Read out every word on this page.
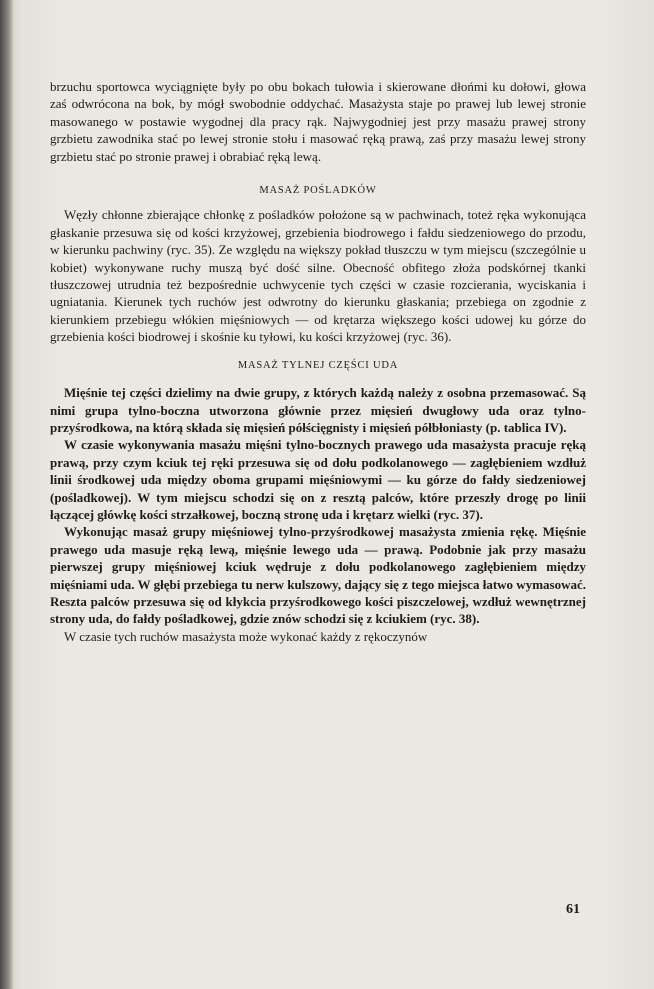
brzuchu sportowca wyciągnięte były po obu bokach tułowia i skierowane dłońmi ku dołowi, głowa zaś odwrócona na bok, by mógł swobodnie oddychać. Masażysta staje po prawej lub lewej stronie masowanego w postawie wygodnej dla pracy rąk. Najwygodniej jest przy masażu prawej strony grzbietu zawodnika stać po lewej stronie stołu i masować ręką prawą, zaś przy masażu lewej strony grzbietu stać po stronie prawej i obrabiać ręką lewą.

MASAŻ POŚLADKÓW

Węzły chłonne zbierające chłonkę z pośladków położone są w pachwinach, toteż ręka wykonująca głaskanie przesuwa się od kości krzyżowej, grzebienia biodrowego i fałdu siedzeniowego do przodu, w kierunku pachwiny (ryc. 35). Ze względu na większy pokład tłuszczu w tym miejscu (szczególnie u kobiet) wykonywane ruchy muszą być dość silne. Obecność obfitego złoża podskórnej tkanki tłuszczowej utrudnia też bezpośrednie uchwycenie tych części w czasie rozcierania, wyciskania i ugniatania. Kierunek tych ruchów jest odwrotny do kierunku głaskania; przebiega on zgodnie z kierunkiem przebiegu włókien mięśniowych — od krętarza większego kości udowej ku górze do grzebienia kości biodrowej i skośnie ku tyłowi, ku kości krzyżowej (ryc. 36).

MASAŻ TYLNEJ CZĘŚCI UDA

Mięśnie tej części dzielimy na dwie grupy, z których każdą należy z osobna przemasować. Są nimi grupa tylno-boczna utworzona głównie przez mięsień dwugłowy uda oraz tylno-przyśrodkowa, na którą składa się mięsień półścięgnisty i mięsień półbłoniasty (p. tablica IV).

W czasie wykonywania masażu mięśni tylno-bocznych prawego uda masażysta pracuje ręką prawą, przy czym kciuk tej ręki przesuwa się od dołu podkolanowego — zagłębieniem wzdłuż linii środkowej uda między oboma grupami mięśniowymi — ku górze do fałdy siedzeniowej (pośladkowej). W tym miejscu schodzi się on z resztą palców, które przeszły drogę po linii łączącej główkę kości strzałkowej, boczną stronę uda i krętarz wielki (ryc. 37).

Wykonując masaż grupy mięśniowej tylno-przyśrodkowej masażysta zmienia rękę. Mięśnie prawego uda masuje ręką lewą, mięśnie lewego uda — prawą. Podobnie jak przy masażu pierwszej grupy mięśniowej kciuk wędruje z dołu podkolanowego zagłębieniem między mięśniami uda. W głębi przebiega tu nerw kulszowy, dający się z tego miejsca łatwo wymasować. Reszta palców przesuwa się od kłykcia przyśrodkowego kości piszczelowej, wzdłuż wewnętrznej strony uda, do fałdy pośladkowej, gdzie znów schodzi się z kciukiem (ryc. 38).

W czasie tych ruchów masażysta może wykonać każdy z rękoczynów

61
